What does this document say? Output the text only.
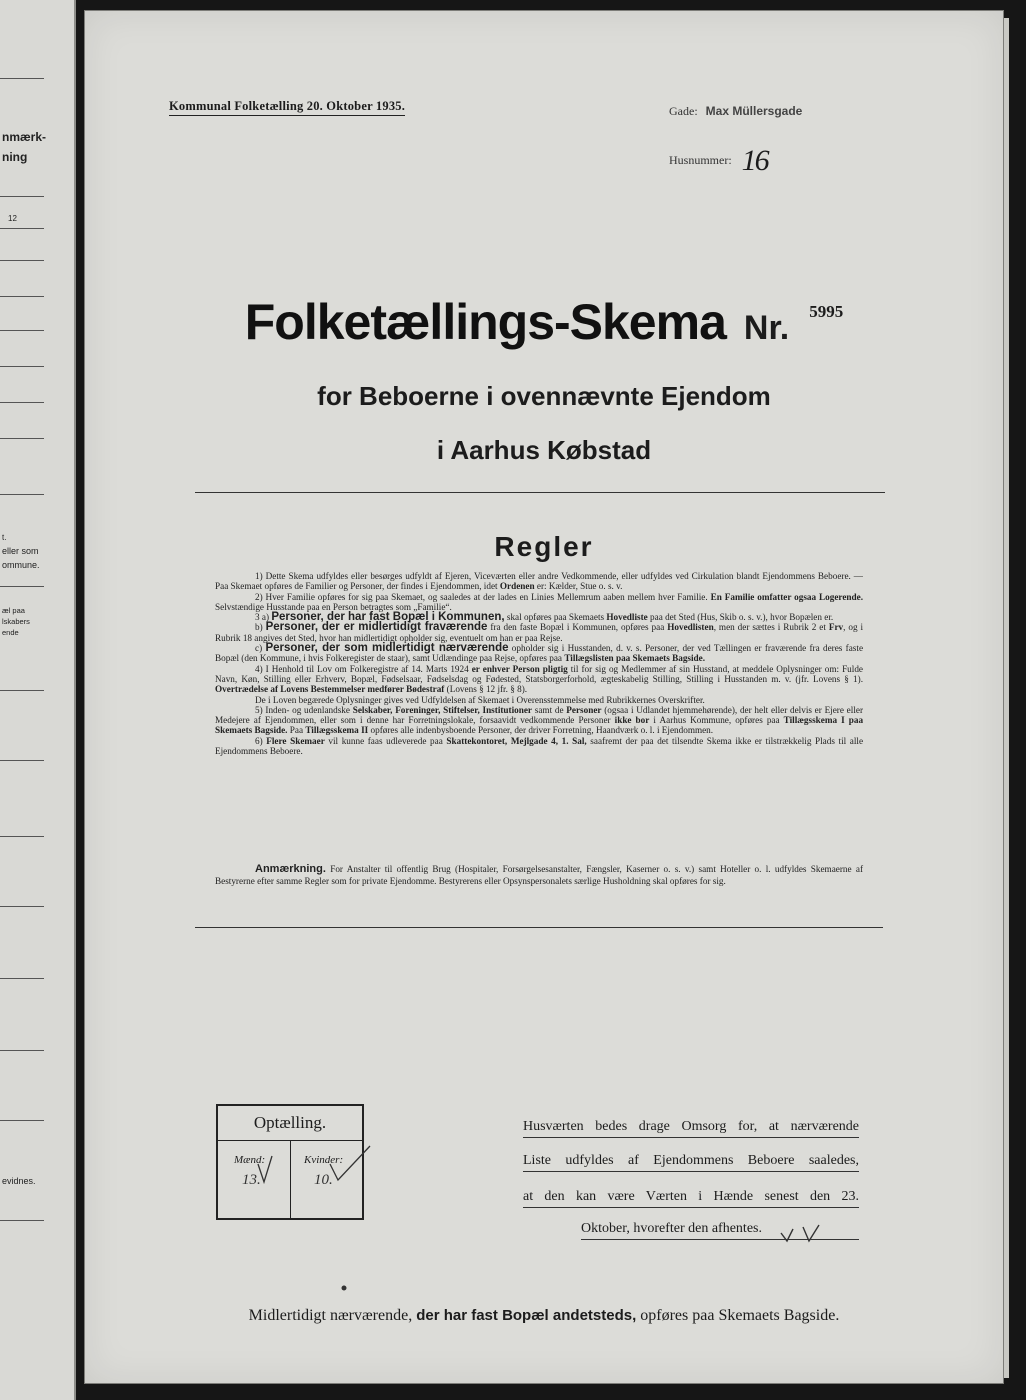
nmærk-
ning
12
t.
eller som
ommune.
æl paa
lskabers
ende
evidnes.
Kommunal Folketælling 20. Oktober 1935.	Gade: Max Müllersgade
Husnummer: 16
Folketællings-Skema Nr. 5995
for Beboerne i ovennævnte Ejendom
i Aarhus Købstad
Regler

1) Dette Skema udfyldes eller besørges udfyldt af Ejeren, Viceværten eller andre Vedkommende, eller udfyldes ved Cirkulation blandt Ejendommens Beboere. — Paa Skemaet opføres de Familier og Personer, der findes i Ejendommen, idet Ordenen er: Kælder, Stue o. s. v.

2) Hver Familie opføres for sig paa Skemaet, og saaledes at der lades en Linies Mellemrum aaben mellem hver Familie. En Familie omfatter ogsaa Logerende. Selvstændige Husstande paa en Person betragtes som „Familie“.

3 a) Personer, der har fast Bopæl i Kommunen, skal opføres paa Skemaets Hovedliste paa det Sted (Hus, Skib o. s. v.), hvor Bopælen er.

b) Personer, der er midlertidigt fraværende fra den faste Bopæl i Kommunen, opføres paa Hovedlisten, men der sættes i Rubrik 2 et Frv, og i Rubrik 18 angives det Sted, hvor han midlertidigt opholder sig, eventuelt om han er paa Rejse.

c) Personer, der som midlertidigt nærværende opholder sig i Husstanden, d. v. s. Personer, der ved Tællingen er fraværende fra deres faste Bopæl (den Kommune, i hvis Folkeregister de staar), samt Udlændinge paa Rejse, opføres paa Tillægslisten paa Skemaets Bagside.

4) I Henhold til Lov om Folkeregistre af 14. Marts 1924 er enhver Person pligtig til for sig og Medlemmer af sin Husstand, at meddele Oplysninger om: Fulde Navn, Køn, Stilling eller Erhverv, Bopæl, Fødselsaar, Fødselsdag og Fødested, Statsborgerforhold, ægteskabelig Stilling, Stilling i Husstanden m. v. (jfr. Lovens § 1). Overtrædelse af Lovens Bestemmelser medfører Bødestraf (Lovens § 12 jfr. § 8).

De i Loven begærede Oplysninger gives ved Udfyldelsen af Skemaet i Overensstemmelse med Rubrikkernes Overskrifter.

5) Inden- og udenlandske Selskaber, Foreninger, Stiftelser, Institutioner samt de Personer (ogsaa i Udlandet hjemmehørende), der helt eller delvis er Ejere eller Medejere af Ejendommen, eller som i denne har Forretningslokale, forsaavidt vedkommende Personer ikke bor i Aarhus Kommune, opføres paa Tillægsskema I paa Skemaets Bagside. Paa Tillægsskema II opføres alle indenbysboende Personer, der driver Forretning, Haandværk o. l. i Ejendommen.

6) Flere Skemaer vil kunne faas udleverede paa Skattekontoret, Mejlgade 4, 1. Sal, saafremt der paa det tilsendte Skema ikke er tilstrækkelig Plads til alle Ejendommens Beboere.

Anmærkning. For Anstalter til offentlig Brug (Hospitaler, Forsørgelsesanstalter, Fængsler, Kaserner o. s. v.) samt Hoteller o. l. udfyldes Skemaerne af Bestyrerne efter samme Regler som for private Ejendomme. Bestyrerens eller Opsynspersonalets særlige Husholdning skal opføres for sig.

Optælling.
Mænd:	Kvinder:
13.	10.
Husværten bedes drage Omsorg for, at nærværende
Liste udfyldes af Ejendommens Beboere saaledes,
at den kan være Værten i Hænde senest den 23.
Oktober, hvorefter den afhentes.
Midlertidigt nærværende, der har fast Bopæl andetsteds, opføres paa Skemaets Bagside.
